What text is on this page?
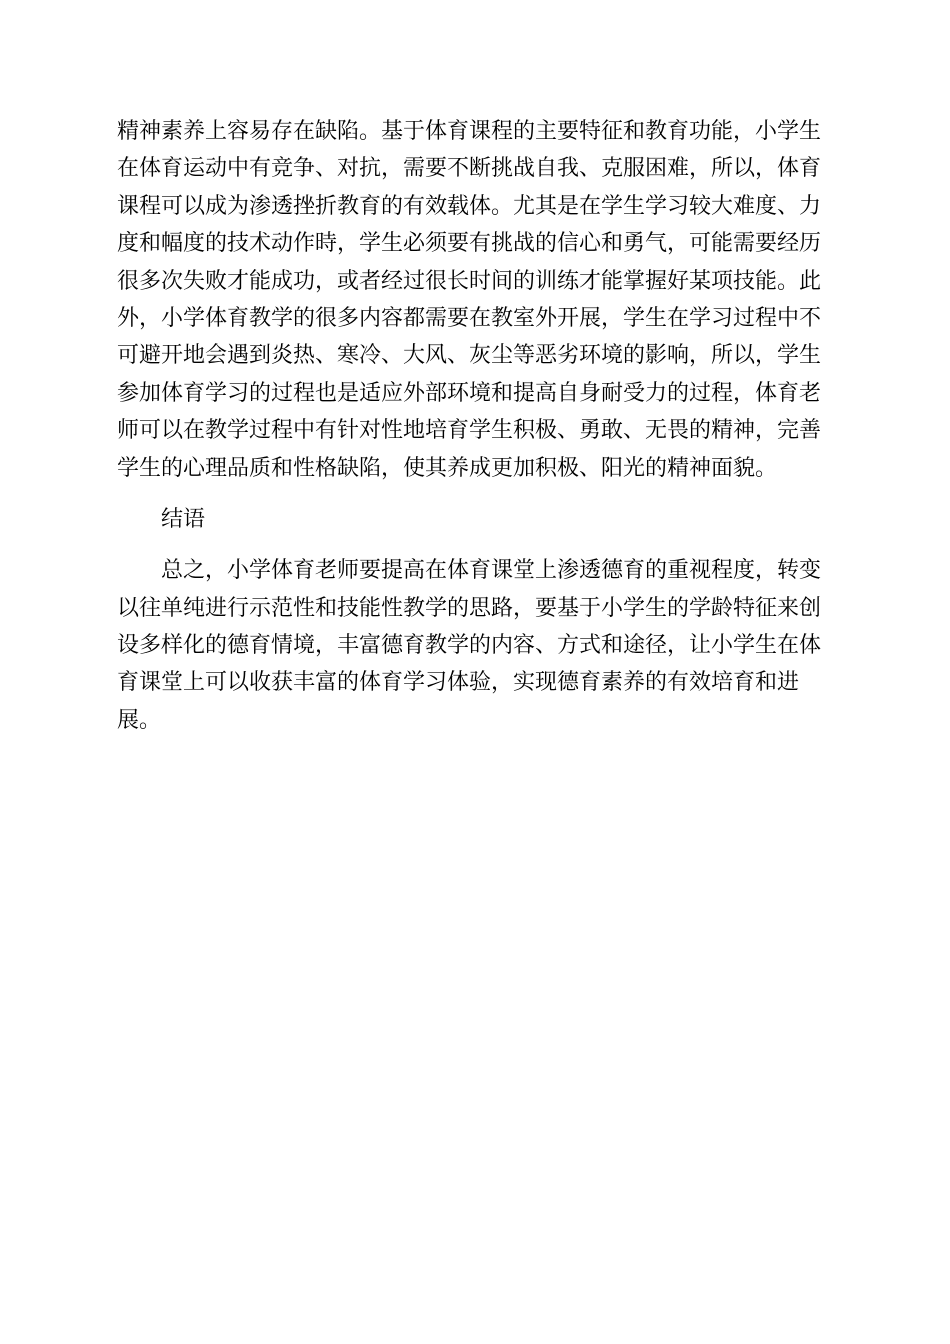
精神素养上容易存在缺陷。基于体育课程的主要特征和教育功能，小学生
在体育运动中有竞争、对抗，需要不断挑战自我、克服困难，所以，体育
课程可以成为渗透挫折教育的有效载体。尤其是在学生学习较大难度、力
度和幅度的技术动作時，学生必须要有挑战的信心和勇气，可能需要经历
很多次失败才能成功，或者经过很长时间的训练才能掌握好某项技能。此
外，小学体育教学的很多内容都需要在教室外开展，学生在学习过程中不
可避开地会遇到炎热、寒冷、大风、灰尘等恶劣环境的影响，所以，学生
参加体育学习的过程也是适应外部环境和提高自身耐受力的过程，体育老
师可以在教学过程中有针对性地培育学生积极、勇敢、无畏的精神，完善
学生的心理品质和性格缺陷，使其养成更加积极、阳光的精神面貌。
结语
总之，小学体育老师要提高在体育课堂上渗透德育的重视程度，转变
以往单纯进行示范性和技能性教学的思路，要基于小学生的学龄特征来创
设多样化的德育情境，丰富德育教学的内容、方式和途径，让小学生在体
育课堂上可以收获丰富的体育学习体验，实现德育素养的有效培育和进
展。
